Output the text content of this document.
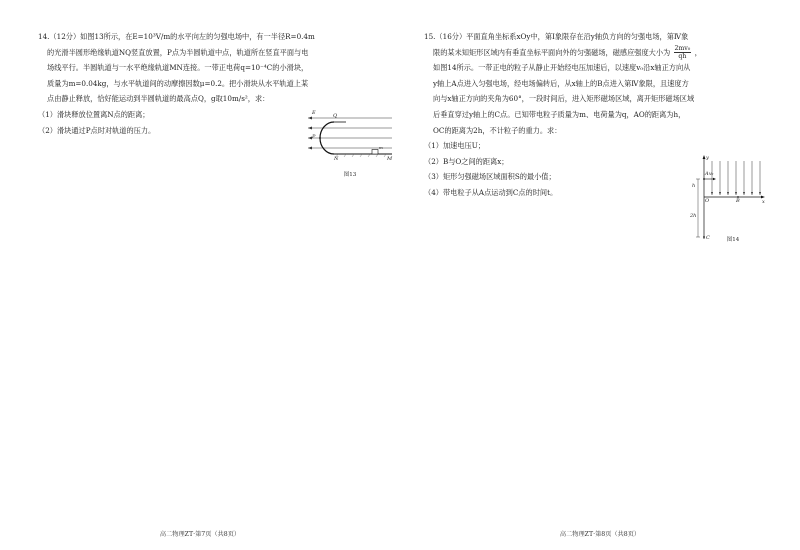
14.（12分）如图13所示，在E=10³V/m的水平向左的匀强电场中，有一半径R=0.4m
的光滑半圆形绝缘轨道NQ竖直放置，P点为半圆轨道中点，轨道所在竖直平面与电
场线平行。半圆轨道与一水平绝缘轨道MN连接。一带正电荷q=10⁻⁴C的小滑块，
质量为m=0.04kg，与水平轨道间的动摩擦因数μ=0.2。把小滑块从水平轨道上某
点由静止释放，恰好能运动到半圆轨道的最高点Q，g取10m/s²，求：
（1）滑块释放位置离N点的距离；
（2）滑块通过P点时对轨道的压力。
E	Q
P
N	M
m
图13
高二物理ZT·第7页（共8页）
15.（16分）平面直角坐标系xOy中，第Ⅰ象限存在沿y轴负方向的匀强电场，第Ⅳ象
限的某未知矩形区域内有垂直坐标平面向外的匀强磁场，磁感应强度大小为 $\frac{\text{2mv₀}}{qh}$ ，
如图14所示。一带正电的粒子从静止开始经电压加速后，以速度v₀沿x轴正方向从
y轴上A点进入匀强电场，经电场偏转后，从x轴上的B点进入第Ⅳ象限，且速度方
向与x轴正方向的夹角为60°，一段时间后，进入矩形磁场区域，离开矩形磁场区域
后垂直穿过y轴上的C点。已知带电粒子质量为m、电荷量为q，AO的距离为h，
OC的距离为2h，不计粒子的重力。求：
（1）加速电压U；
（2）B与O之间的距离x；
（3）矩形匀强磁场区域面积S的最小值；
（4）带电粒子从A点运动到C点的时间t。
y
A v₀
h
O	B	x
2h
C	图14
高二物理ZT·第8页（共8页）
